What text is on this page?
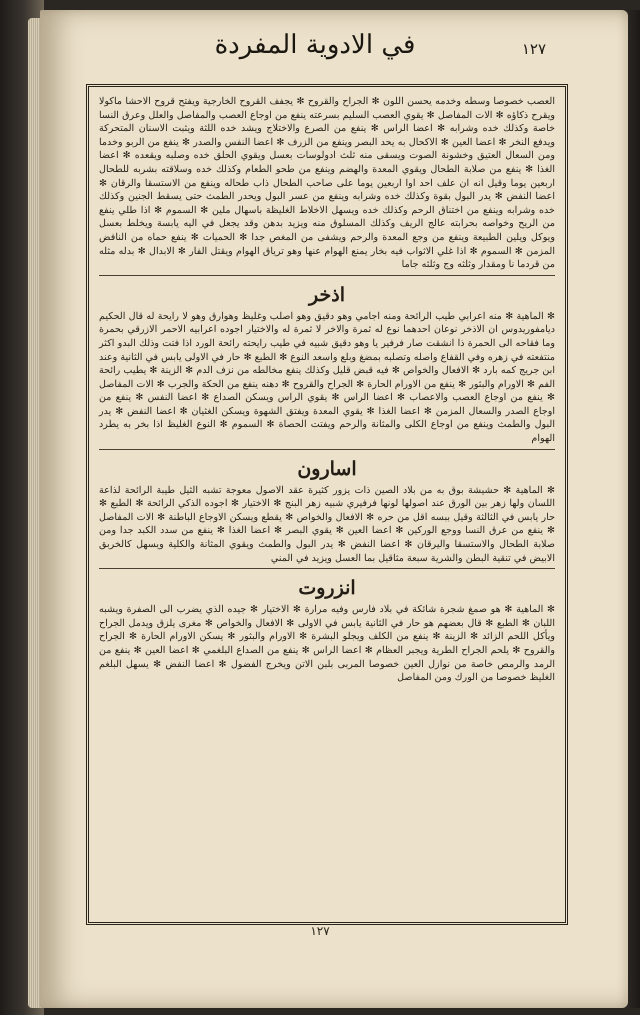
في الادوية المفردة	١٢٧

العصب خصوصا وسطه وخدمه يحسن اللون ✻ الجراح والقروح ✻ يجفف القروح الخارجية ويفتح قروح الاحشا ماكولا ويقرح ذكاؤه ✻ الات المفاصل ✻ يقوي العصب السليم بسرعته ينفع من اوجاع العصب والمفاصل والعلل وعرق النسا خاصة وكذلك خده وشرابه ✻ اعضا الراس ✻ ينفع من الصرع والاختلاج ويشد خده اللثة ويثبت الاسنان المتحركة ويدفع النخر ✻ اعضا العين ✻ الاكحال به يحد البصر وينفع من الزرف ✻ اعضا النفس والصدر ✻ ينفع من الربو وخدما ومن السعال العتيق وخشونة الصوت ويسقى منه ثلث ادولوسات بعسل ويقوي الحلق خده وصلبه ويقعده ✻ اعضا الغذا ✻ ينفع من صلابة الطحال ويقوي المعدة والهضم وينفع من طحو الطعام وكذلك خده وسلاقته بشربه للطحال اربعين يوما وقيل انه ان علف احد اوا اربعين يوما على صاحب الطحال ذاب طحاله وينفع من الاستسقا والرقان ✻ اعضا النفض ✻ يدر البول بقوة وكذلك خده وشرابه وينفع من عسر البول ويحدر الطمث حتى يسقط الجنين وكذلك خده وشرابه وينفع من اختناق الرحم وكذلك خده ويسهل الاخلاط الغليظة باسهال ملين ✻ السموم ✻ اذا طلي ينفع من الريح وخواصه بحرابته عالج الريف وكذلك المسلوق منه ويزيد بدهن وقد يجعل في اليه يابسة ويخلط بعسل ويوكل ويلين الطبيعة وينفع من وجع المعدة والرحم ويشفى من المغص جدا ✻ الحميات ✻ ينفع حماه من النافض المزمن ✻ السموم ✻ اذا غلي الاثواب فيه بخار يمنع الهوام عنها وهو ترياق الهوام ويقتل الفار ✻ الابدال ✻ بدله مثله من قردما نا ومقدار وثلثه وج وثلثه جاما

اذخر

✻ الماهية ✻ منه اعرابي طيب الرائحة ومنه اجامي وهو دقيق وهو اصلب وغليظ وهوارق وهو لا رايحة له قال الحكيم ديامفوريدوس ان الاذخر نوعان احدهما نوع له ثمرة والاخر لا ثمرة له والاختيار اجوده اعرابيه الاحمر الازرقي بحمرة وما فقاحه الى الحمرة ذا انشقت صار فرفير يا وهو دقيق شبيه في طيب رايحته رائحة الورد اذا فتت وذلك البدو اكثر منتفعته في زهره وفي القفاع واصله وتصلبه بمضغ وبلع واسعد النوع ✻ الطبع ✻ حار في الاولى يابس في الثانية وعند ابن جريج كمه بارد ✻ الافعال والخواص ✻ فيه قبض قليل وكذلك ينفع مخالطه من نزف الدم ✻ الزينة ✻ يطيب رائحة الفم ✻ الاورام والبثور ✻ ينفع من الاورام الحارة ✻ الجراح والقروح ✻ دهنه ينفع من الحكة والجرب ✻ الات المفاصل ✻ ينفع من اوجاع العصب والاعصاب ✻ اعضا الراس ✻ يقوي الراس ويسكن الصداع ✻ اعضا النفس ✻ ينفع من اوجاع الصدر والسعال المزمن ✻ اعضا الغذا ✻ يقوي المعدة ويفتق الشهوة ويسكن الغثيان ✻ اعضا النفض ✻ يدر البول والطمث وينفع من اوجاع الكلى والمثانة والرحم ويفتت الحصاة ✻ السموم ✻ النوع الغليظ اذا بخر به يطرد الهوام

اسارون

✻ الماهية ✻ حشيشة بوق به من بلاد الصين ذات يزور كثيرة عقد الاصول معوجة تشبه الثيل طيبة الرائحة لذاعة اللسان ولها زهر بين الورق عند اصولها لونها فرفيري شبيه زهر البنج ✻ الاختيار ✻ اجوده الذكي الرائحة ✻ الطبع ✻ حار يابس في الثالثة وقيل ببسه اقل من حره ✻ الافعال والخواص ✻ يقطع ويسكن الاوجاع الباطنة ✻ الات المفاصل ✻ ينفع من عرق النسا ووجع الوركين ✻ اعضا العين ✻ يقوي البصر ✻ اعضا الغذا ✻ ينفع من سدد الكبد جدا ومن صلابة الطحال والاستسقا واليرقان ✻ اعضا النفض ✻ يدر البول والطمث ويقوي المثانة والكلية ويسهل كالخربق الابيض في تنقية البطن والشرية سبعة مثاقيل بما العسل ويزيد في المني

انزروت

✻ الماهية ✻ هو صمغ شجرة شائكة في بلاد فارس وفيه مرارة ✻ الاختيار ✻ جيده الذي يضرب الى الصفرة ويشبه اللبان ✻ الطبع ✻ قال بعضهم هو حار في الثانية يابس في الاولى ✻ الافعال والخواص ✻ مغرى يلزق ويدمل الجراح ويأكل اللحم الزائد ✻ الزينة ✻ ينفع من الكلف ويجلو البشرة ✻ الاورام والبثور ✻ يسكن الاورام الحارة ✻ الجراح والقروح ✻ يلحم الجراح الطرية ويجبر العظام ✻ اعضا الراس ✻ ينفع من الصداع البلغمي ✻ اعضا العين ✻ ينفع من الرمد والرمص خاصة من نوازل العين خصوصا المربى بلبن الاتن ويخرج الفضول ✻ اعضا النفض ✻ يسهل البلغم الغليظ خصوصا من الورك ومن المفاصل

١٢٧
